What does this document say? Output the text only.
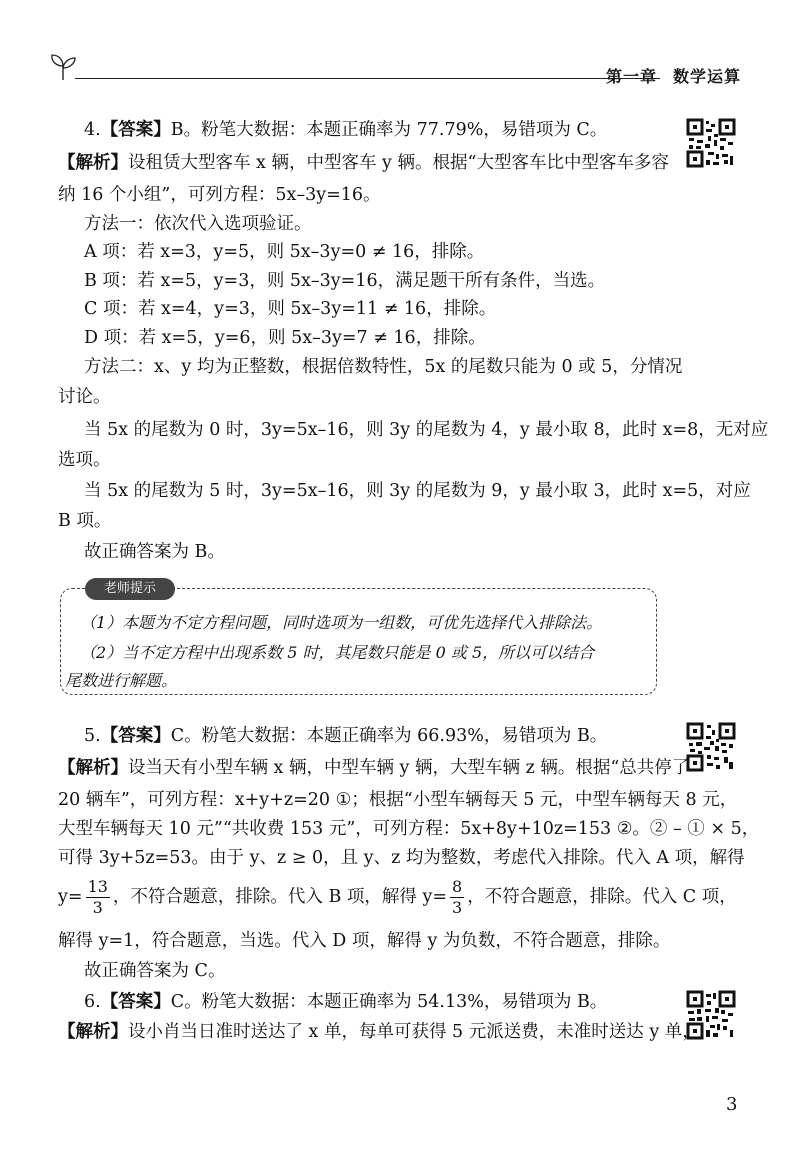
第一章 数学运算
4.【答案】B。粉笔大数据：本题正确率为 77.79%，易错项为 C。
【解析】设租赁大型客车 x 辆，中型客车 y 辆。根据“大型客车比中型客车多容
纳 16 个小组”，可列方程：5x–3y=16。
方法一：依次代入选项验证。
A 项：若 x=3，y=5，则 5x–3y=0 ≠ 16，排除。
B 项：若 x=5，y=3，则 5x–3y=16，满足题干所有条件，当选。
C 项：若 x=4，y=3，则 5x–3y=11 ≠ 16，排除。
D 项：若 x=5，y=6，则 5x–3y=7 ≠ 16，排除。
方法二：x、y 均为正整数，根据倍数特性，5x 的尾数只能为 0 或 5，分情况
讨论。
当 5x 的尾数为 0 时，3y=5x–16，则 3y 的尾数为 4，y 最小取 8，此时 x=8，无对应
选项。
当 5x 的尾数为 5 时，3y=5x–16，则 3y 的尾数为 9，y 最小取 3，此时 x=5，对应
B 项。
故正确答案为 B。
老师提示
（1）本题为不定方程问题，同时选项为一组数，可优先选择代入排除法。
（2）当不定方程中出现系数 5 时，其尾数只能是 0 或 5，所以可以结合
尾数进行解题。
5.【答案】C。粉笔大数据：本题正确率为 66.93%，易错项为 B。
【解析】设当天有小型车辆 x 辆，中型车辆 y 辆，大型车辆 z 辆。根据“总共停了
20 辆车”，可列方程：x+y+z=20 ①；根据“小型车辆每天 5 元，中型车辆每天 8 元，
大型车辆每天 10 元”“共收费 153 元”，可列方程：5x+8y+10z=153 ②。② – ① × 5，
可得 3y+5z=53。由于 y、z ≥ 0，且 y、z 均为整数，考虑代入排除。代入 A 项，解得
$y= \frac{13}{3}$ ，不符合题意，排除。代入 B 项，解得 $y= \frac{8}{3}$ ，不符合题意，排除。代入 C 项，
解得 y=1，符合题意，当选。代入 D 项，解得 y 为负数，不符合题意，排除。
故正确答案为 C。
6.【答案】C。粉笔大数据：本题正确率为 54.13%，易错项为 B。
【解析】设小肖当日准时送达了 x 单，每单可获得 5 元派送费，未准时送达 y 单，
3
